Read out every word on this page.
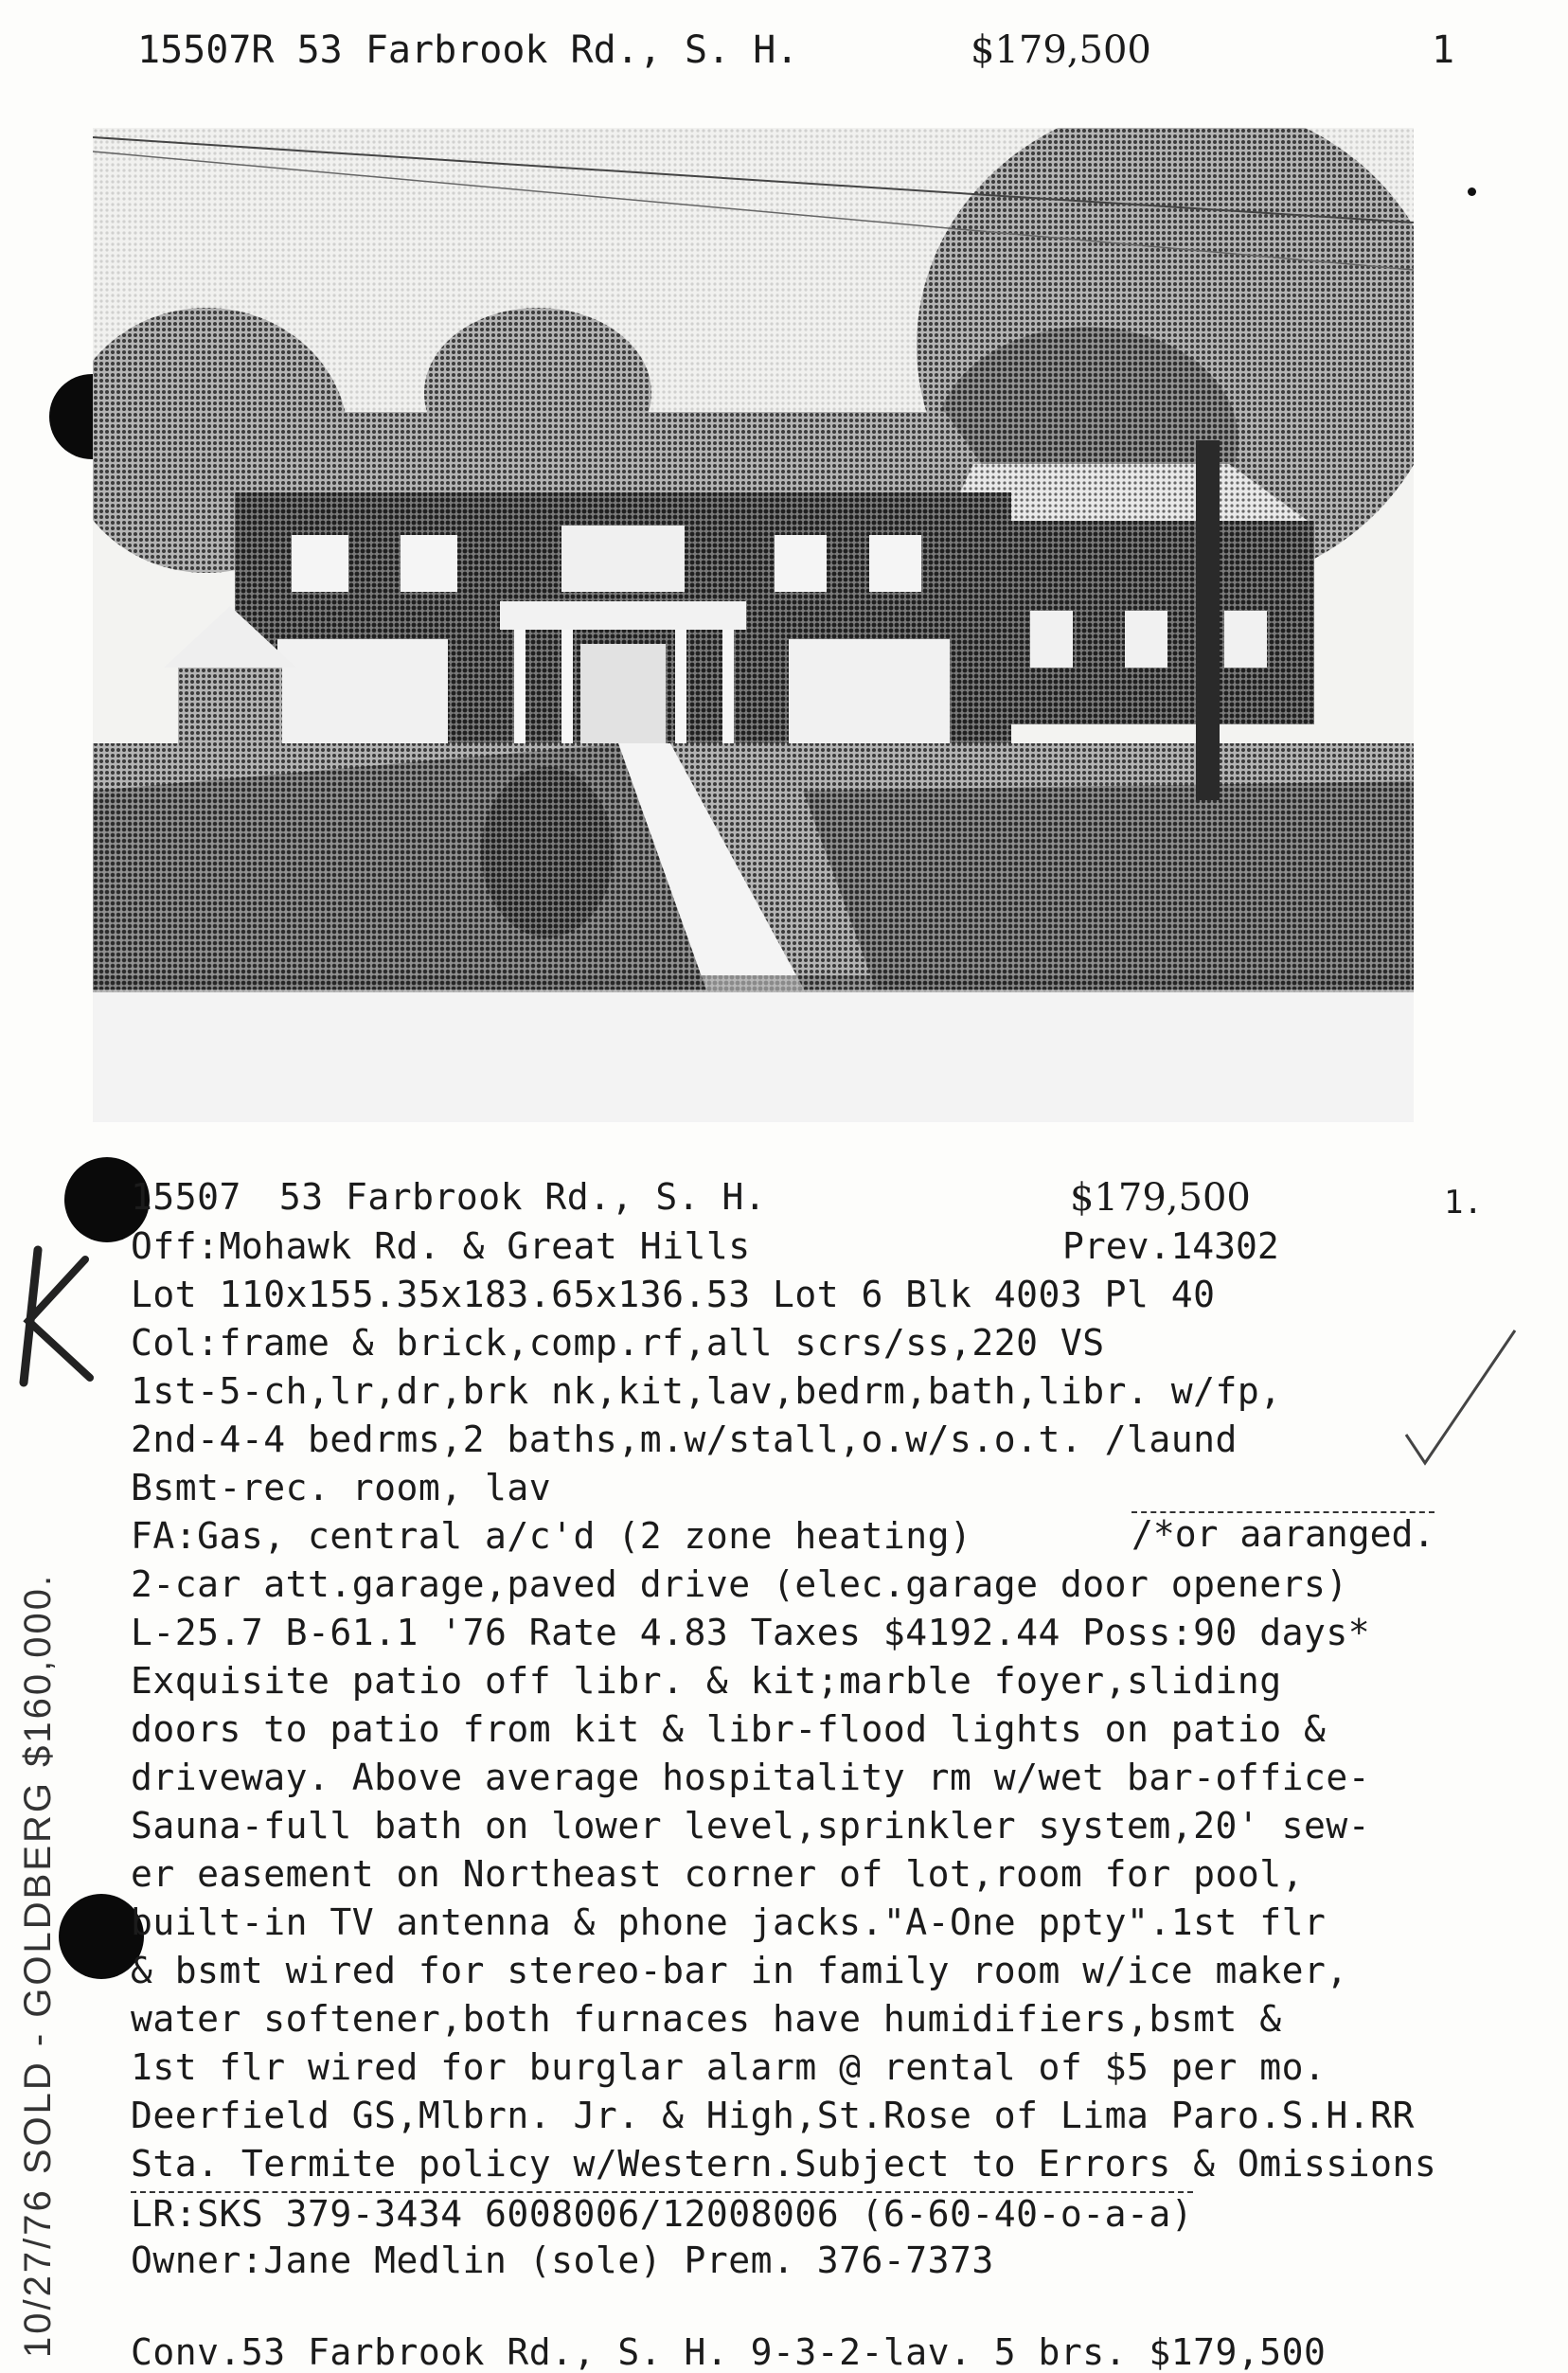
15507R 53 Farbrook Rd., S. H.	$179,500	1
15507 53 Farbrook Rd., S. H.	$179,500	1.
Off:Mohawk Rd. & Great Hills	Prev.14302
Lot 110x155.35x183.65x136.53 Lot 6 Blk 4003 Pl 40
Col:frame & brick,comp.rf,all scrs/ss,220 VS
1st-5-ch,lr,dr,brk nk,kit,lav,bedrm,bath,libr. w/fp,
2nd-4-4 bedrms,2 baths,m.w/stall,o.w/s.o.t. /laund
Bsmt-rec. room, lav
FA:Gas, central a/c'd (2 zone heating)	/*or aaranged.
2-car att.garage,paved drive (elec.garage door openers)
L-25.7 B-61.1 '76 Rate 4.83 Taxes $4192.44 Poss:90 days*
Exquisite patio off libr. & kit;marble foyer,sliding
doors to patio from kit & libr-flood lights on patio &
driveway. Above average hospitality rm w/wet bar-office-
Sauna-full bath on lower level,sprinkler system,20' sew-
er easement on Northeast corner of lot,room for pool,
built-in TV antenna & phone jacks."A-One ppty".1st flr
& bsmt wired for stereo-bar in family room w/ice maker,
water softener,both furnaces have humidifiers,bsmt &
1st flr wired for burglar alarm @ rental of $5 per mo.
Deerfield GS,Mlbrn. Jr. & High,St.Rose of Lima Paro.S.H.RR
Sta. Termite policy w/Western.Subject to Errors & Omissions
LR:SKS 379-3434 6008006/12008006 (6-60-40-o-a-a)
Owner:Jane Medlin (sole) Prem. 376-7373
Conv.53 Farbrook Rd., S. H. 9-3-2-lav. 5 brs. $179,500
10/27/76 SOLD - GOLDBERG $160,000.
